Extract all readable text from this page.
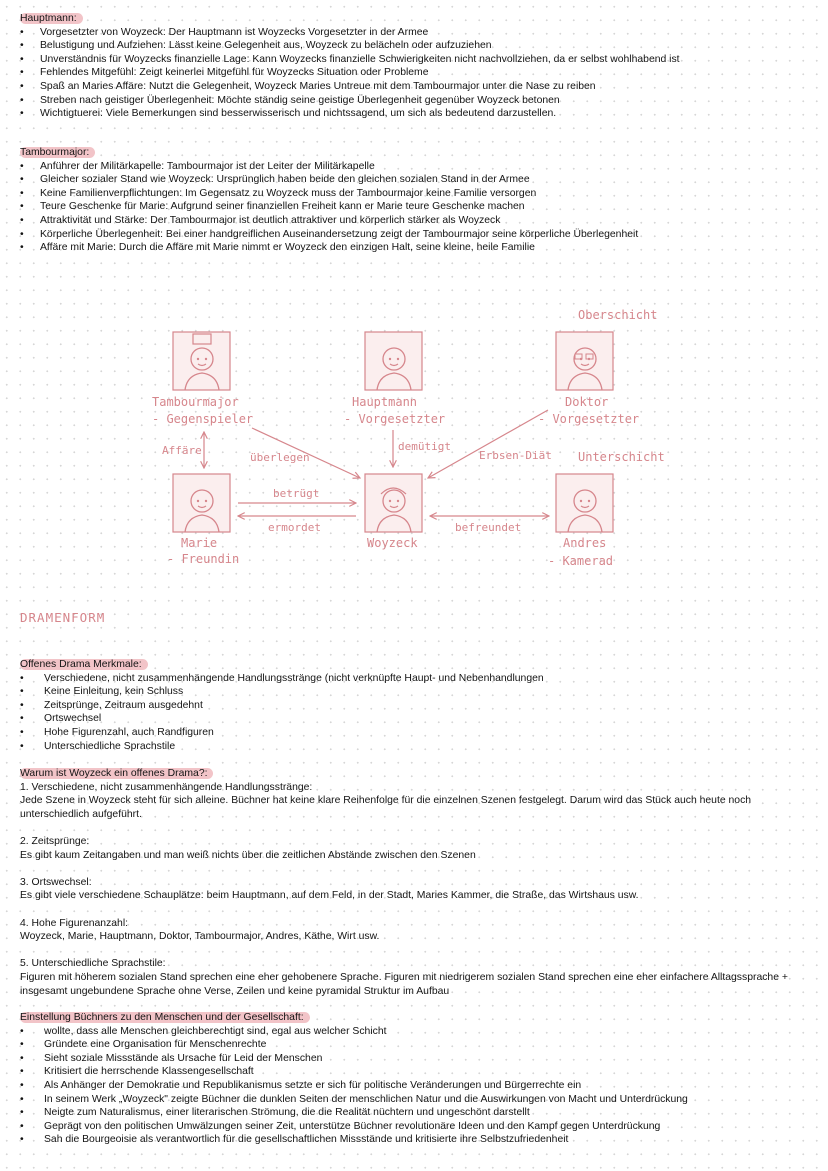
Hauptmann:
• Vorgesetzter von Woyzeck: Der Hauptmann ist Woyzecks Vorgesetzter in der Armee
• Belustigung und Aufziehen: Lässt keine Gelegenheit aus, Woyzeck zu belächeln oder aufzuziehen
• Unverständnis für Woyzecks finanzielle Lage: Kann Woyzecks finanzielle Schwierigkeiten nicht nachvollziehen, da er selbst wohlhabend ist
• Fehlendes Mitgefühl: Zeigt keinerlei Mitgefühl für Woyzecks Situation oder Probleme
• Spaß an Maries Affäre: Nutzt die Gelegenheit, Woyzeck Maries Untreue mit dem Tambourmajor unter die Nase zu reiben
• Streben nach geistiger Überlegenheit: Möchte ständig seine geistige Überlegenheit gegenüber Woyzeck betonen
• Wichtigtuerei: Viele Bemerkungen sind besserwisserisch und nichtssagend, um sich als bedeutend darzustellen.
Tambourmajor:
• Anführer der Militärkapelle: Tambourmajor ist der Leiter der Militärkapelle
• Gleicher sozialer Stand wie Woyzeck: Ursprünglich haben beide den gleichen sozialen Stand in der Armee
• Keine Familienverpflichtungen: Im Gegensatz zu Woyzeck muss der Tambourmajor keine Familie versorgen
• Teure Geschenke für Marie: Aufgrund seiner finanziellen Freiheit kann er Marie teure Geschenke machen
• Attraktivität und Stärke: Der Tambourmajor ist deutlich attraktiver und körperlich stärker als Woyzeck
• Körperliche Überlegenheit: Bei einer handgreiflichen Auseinandersetzung zeigt der Tambourmajor seine körperliche Überlegenheit
• Affäre mit Marie: Durch die Affäre mit Marie nimmt er Woyzeck den einzigen Halt, seine kleine, heile Familie
Oberschicht
Unterschicht
Tambourmajor
- Gegenspieler
Hauptmann
- Vorgesetzter
Doktor
- Vorgesetzter
Marie
- Freundin
Woyzeck	Andres
- Kamerad
Affäre
überlegen
demütigt
Erbsen-Diät
betrügt
ermordet	befreundet
DRAMENFORM
Offenes Drama Merkmale:
• Verschiedene, nicht zusammenhängende Handlungsstränge (nicht verknüpfte Haupt- und Nebenhandlungen
• Keine Einleitung, kein Schluss
• Zeitsprünge, Zeitraum ausgedehnt
• Ortswechsel
• Hohe Figurenzahl, auch Randfiguren
• Unterschiedliche Sprachstile
Warum ist Woyzeck ein offenes Drama?:

1. Verschiedene, nicht zusammenhängende Handlungsstränge:

Jede Szene in Woyzeck steht für sich alleine. Büchner hat keine klare Reihenfolge für die einzelnen Szenen festgelegt. Darum wird das Stück auch heute noch unterschiedlich aufgeführt.

2. Zeitsprünge:

Es gibt kaum Zeitangaben und man weiß nichts über die zeitlichen Abstände zwischen den Szenen

3. Ortswechsel:

Es gibt viele verschiedene Schauplätze: beim Hauptmann, auf dem Feld, in der Stadt, Maries Kammer, die Straße, das Wirtshaus usw.

4. Hohe Figurenanzahl:

Woyzeck, Marie, Hauptmann, Doktor, Tambourmajor, Andres, Käthe, Wirt usw.

5. Unterschiedliche Sprachstile:

Figuren mit höherem sozialen Stand sprechen eine eher gehobenere Sprache. Figuren mit niedrigerem sozialen Stand sprechen eine eher einfachere Alltagssprache + insgesamt ungebundene Sprache ohne Verse, Zeilen und keine pyramidal Struktur im Aufbau

Einstellung Büchners zu den Menschen und der Gesellschaft:
• wollte, dass alle Menschen gleichberechtigt sind, egal aus welcher Schicht
• Gründete eine Organisation für Menschenrechte
• Sieht soziale Missstände als Ursache für Leid der Menschen
• Kritisiert die herrschende Klassengesellschaft
• Als Anhänger der Demokratie und Republikanismus setzte er sich für politische Veränderungen und Bürgerrechte ein
• In seinem Werk „Woyzeck" zeigte Büchner die dunklen Seiten der menschlichen Natur und die Auswirkungen von Macht und Unterdrückung
• Neigte zum Naturalismus, einer literarischen Strömung, die die Realität nüchtern und ungeschönt darstellt
• Geprägt von den politischen Umwälzungen seiner Zeit, unterstütze Büchner revolutionäre Ideen und den Kampf gegen Unterdrückung
• Sah die Bourgeoisie als verantwortlich für die gesellschaftlichen Missstände und kritisierte ihre Selbstzufriedenheit
